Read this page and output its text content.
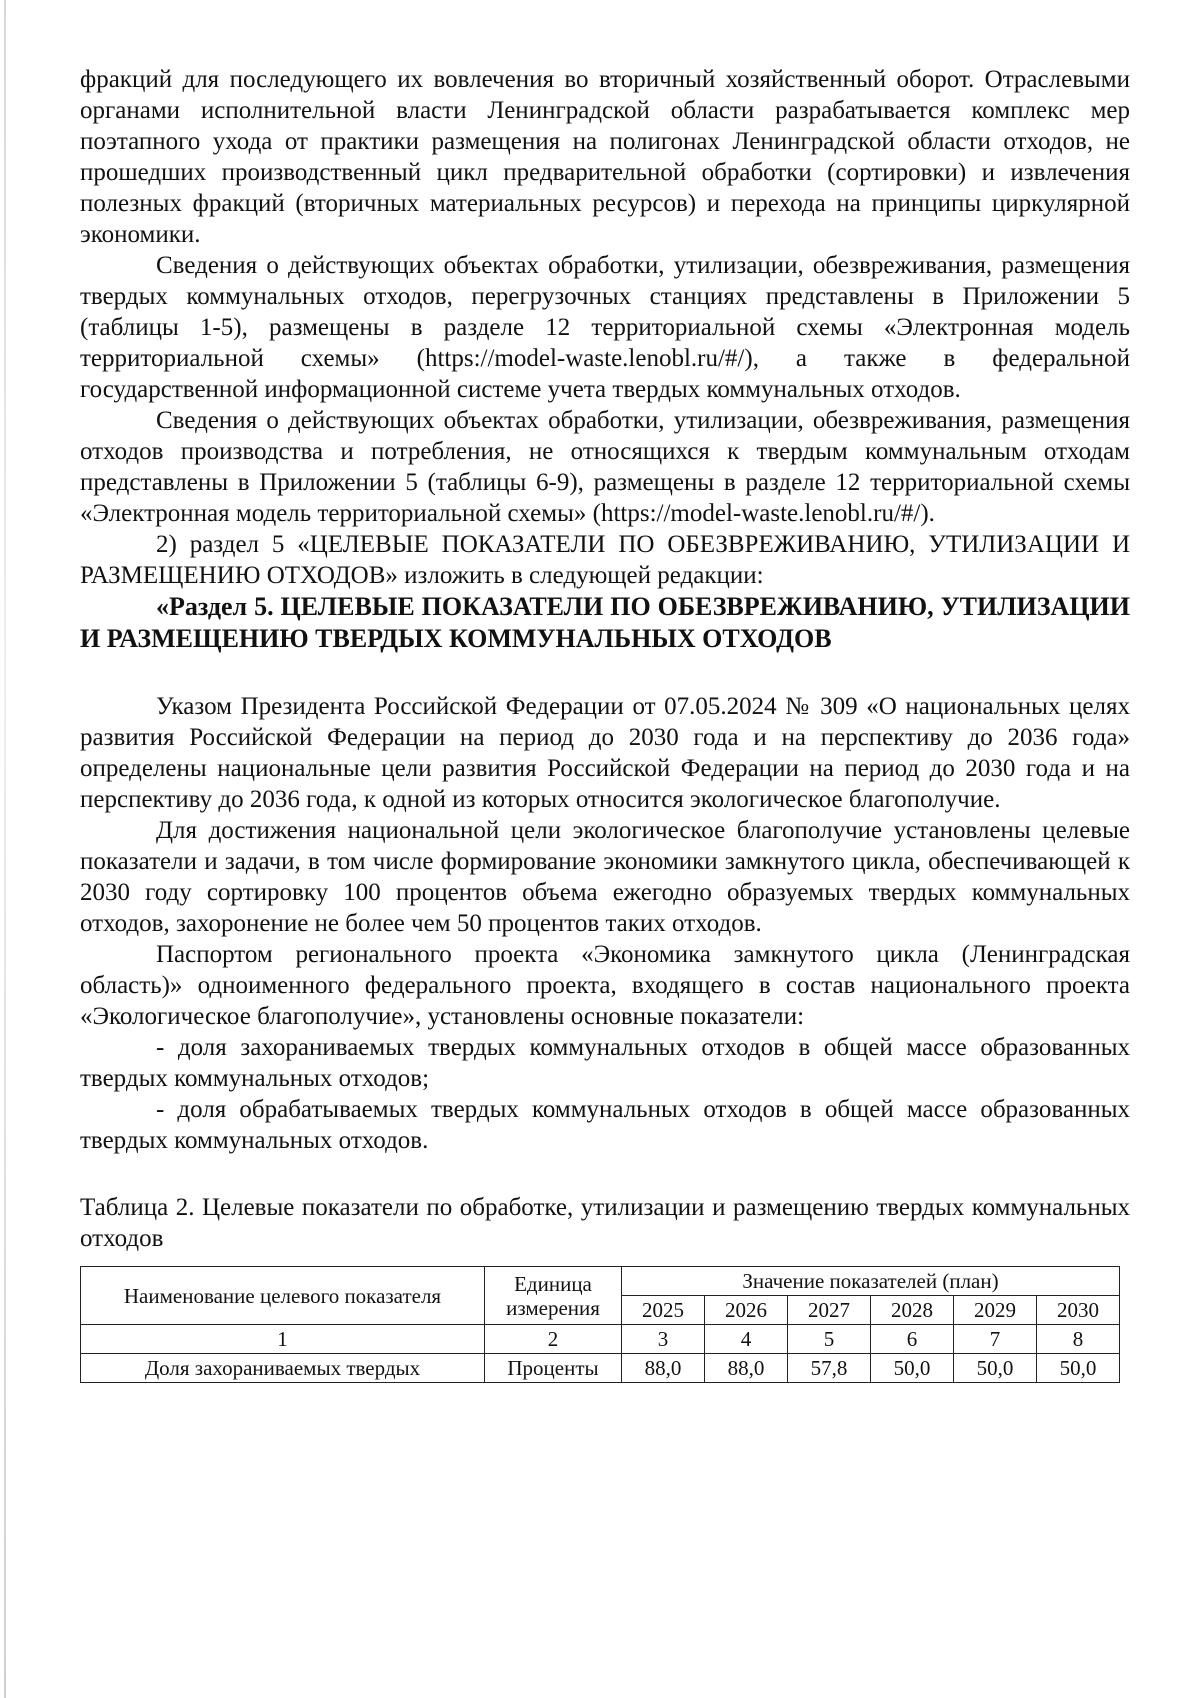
фракций для последующего их вовлечения во вторичный хозяйственный оборот. Отраслевыми органами исполнительной власти Ленинградской области разрабатывается комплекс мер поэтапного ухода от практики размещения на полигонах Ленинградской области отходов, не прошедших производственный цикл предварительной обработки (сортировки) и извлечения полезных фракций (вторичных материальных ресурсов) и перехода на принципы циркулярной экономики.

Сведения о действующих объектах обработки, утилизации, обезвреживания, размещения твердых коммунальных отходов, перегрузочных станциях представлены в Приложении 5 (таблицы 1-5), размещены в разделе 12 территориальной схемы «Электронная модель территориальной схемы» (https://model-waste.lenobl.ru/#/), а также в федеральной государственной информационной системе учета твердых коммунальных отходов.

Сведения о действующих объектах обработки, утилизации, обезвреживания, размещения отходов производства и потребления, не относящихся к твердым коммунальным отходам представлены в Приложении 5 (таблицы 6-9), размещены в разделе 12 территориальной схемы «Электронная модель территориальной схемы» (https://model-waste.lenobl.ru/#/).

2) раздел 5 «ЦЕЛЕВЫЕ ПОКАЗАТЕЛИ ПО ОБЕЗВРЕЖИВАНИЮ, УТИЛИЗАЦИИ И РАЗМЕЩЕНИЮ ОТХОДОВ» изложить в следующей редакции:

«Раздел 5. ЦЕЛЕВЫЕ ПОКАЗАТЕЛИ ПО ОБЕЗВРЕЖИВАНИЮ, УТИЛИЗАЦИИ И РАЗМЕЩЕНИЮ ТВЕРДЫХ КОММУНАЛЬНЫХ ОТХОДОВ

Указом Президента Российской Федерации от 07.05.2024 № 309 «О национальных целях развития Российской Федерации на период до 2030 года и на перспективу до 2036 года» определены национальные цели развития Российской Федерации на период до 2030 года и на перспективу до 2036 года, к одной из которых относится экологическое благополучие.

Для достижения национальной цели экологическое благополучие установлены целевые показатели и задачи, в том числе формирование экономики замкнутого цикла, обеспечивающей к 2030 году сортировку 100 процентов объема ежегодно образуемых твердых коммунальных отходов, захоронение не более чем 50 процентов таких отходов.

Паспортом регионального проекта «Экономика замкнутого цикла (Ленинградская область)» одноименного федерального проекта, входящего в состав национального проекта «Экологическое благополучие», установлены основные показатели:

- доля захораниваемых твердых коммунальных отходов в общей массе образованных твердых коммунальных отходов;

- доля обрабатываемых твердых коммунальных отходов в общей массе образованных твердых коммунальных отходов.

Таблица 2. Целевые показатели по обработке, утилизации и размещению твердых коммунальных отходов

Наименование целевого показателя	Единица измерения	Значение показателей (план)					
		2025	2026	2027	2028	2029	2030
1	2	3	4	5	6	7	8
Доля захораниваемых твердых	Проценты	88,0	88,0	57,8	50,0	50,0	50,0
